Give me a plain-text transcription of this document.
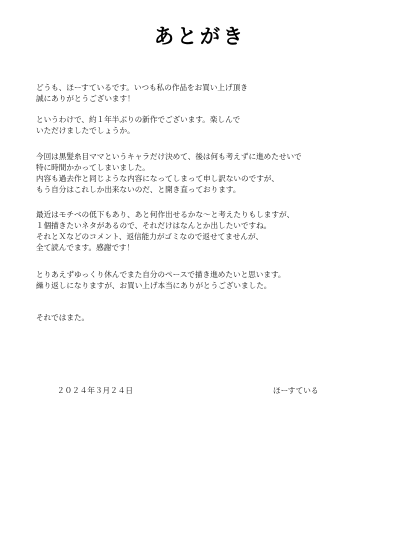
あとがき
どうも、ほーすているです。いつも私の作品をお買い上げ頂き
誠にありがとうございます！
というわけで、約１年半ぶりの新作でございます。楽しんで
いただけましたでしょうか。
今回は黒髪糸目ママというキャラだけ決めて、後は何も考えずに進めたせいで
特に時間かかってしまいました。
内容も過去作と同じような内容になってしまって申し訳ないのですが、
もう自分はこれしか出来ないのだ、と開き直っております。
最近はモチベの低下もあり、あと何作出せるかな～と考えたりもしますが、
１個描きたいネタがあるので、それだけはなんとか出したいですね。
それとＸなどのコメント、返信能力がゴミなので返せてませんが、
全て読んでます。感謝です！
とりあえずゆっくり休んでまた自分のペースで描き進めたいと思います。
繰り返しになりますが、お買い上げ本当にありがとうございました。
それではまた。
２０２４年３月２４日	ほーすている
